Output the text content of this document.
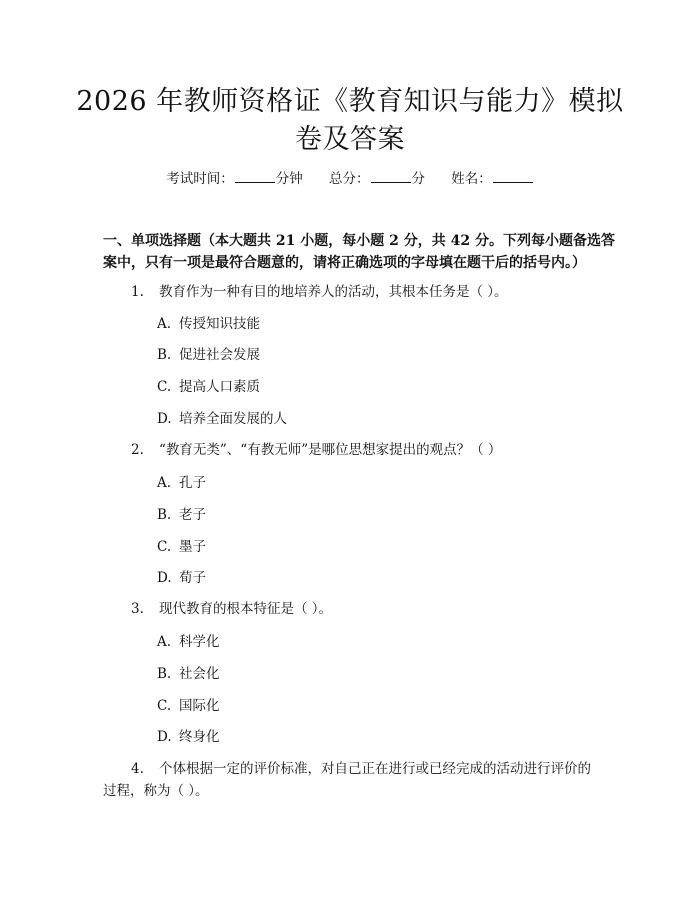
2026 年教师资格证《教育知识与能力》模拟
卷及答案
考试时间：	分钟 总分：	分 姓名：
一、单项选择题（本大题共 21 小题，每小题 2 分，共 42 分。下列每小题备选答
案中，只有一项是最符合题意的，请将正确选项的字母填在题干后的括号内。）
1. 教育作为一种有目的地培养人的活动，其根本任务是（ ）。
A. 传授知识技能
B. 促进社会发展
C. 提高人口素质
D. 培养全面发展的人
2. “教育无类”、“有教无师”是哪位思想家提出的观点？（ ）
A. 孔子
B. 老子
C. 墨子
D. 荀子
3. 现代教育的根本特征是（ ）。
A. 科学化
B. 社会化
C. 国际化
D. 终身化
4. 个体根据一定的评价标准，对自己正在进行或已经完成的活动进行评价的
过程，称为（ ）。
